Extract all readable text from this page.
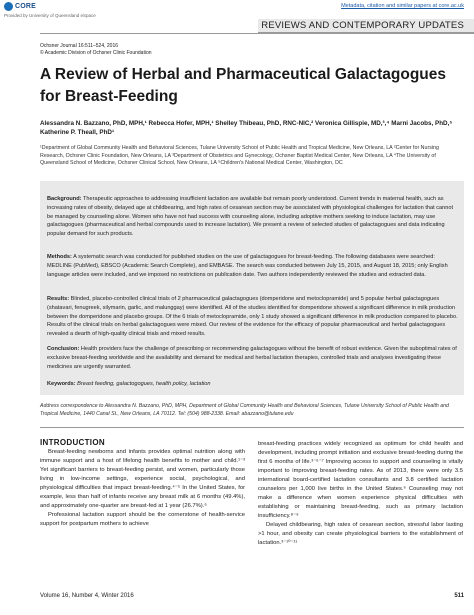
CORE	Metadata, citation and similar papers at core.ac.uk
Provided by University of Queensland eSpace
REVIEWS AND CONTEMPORARY UPDATES
Ochsner Journal 16:511–524, 2016
© Academic Division of Ochsner Clinic Foundation
A Review of Herbal and Pharmaceutical Galactagogues for Breast-Feeding
Alessandra N. Bazzano, PhD, MPH,¹ Rebecca Hofer, MPH,¹ Shelley Thibeau, PhD, RNC-NIC,² Veronica Gillispie, MD,³,⁴ Marni Jacobs, PhD,⁵ Katherine P. Theall, PhD¹
¹Department of Global Community Health and Behavioral Sciences, Tulane University School of Public Health and Tropical Medicine, New Orleans, LA ²Center for Nursing Research, Ochsner Clinic Foundation, New Orleans, LA ³Department of Obstetrics and Gynecology, Ochsner Baptist Medical Center, New Orleans, LA ⁴The University of Queensland School of Medicine, Ochsner Clinical School, New Orleans, LA ⁵Children's National Medical Center, Washington, DC

Background: Therapeutic approaches to addressing insufficient lactation are available but remain poorly understood. Current trends in maternal health, such as increasing rates of obesity, delayed age at childbearing, and high rates of cesarean section may be associated with physiological challenges for lactation that cannot be managed by counseling alone. Women who have not had success with counseling alone, including adoptive mothers seeking to induce lactation, may use galactagogues (pharmaceutical and herbal compounds used to increase lactation). We present a review of selected studies of galactagogues and data indicating popular demand for such products.

Methods: A systematic search was conducted for published studies on the use of galactagogues for breast-feeding. The following databases were searched: MEDLINE (PubMed), EBSCO (Academic Search Complete), and EMBASE. The search was conducted between July 15, 2015, and August 18, 2015; only English language articles were included, and we imposed no restrictions on publication date. Two authors independently reviewed the studies and extracted data.

Results: Blinded, placebo-controlled clinical trials of 2 pharmaceutical galactagogues (domperidone and metoclopramide) and 5 popular herbal galactagogues (shatavari, fenugreek, silymarin, garlic, and malunggay) were identified. All of the studies identified for domperidone showed a significant difference in milk production between the domperidone and placebo groups. Of the 6 trials of metoclopramide, only 1 study showed a significant difference in milk production compared to placebo. Results of the clinical trials on herbal galactagogues were mixed. Our review of the evidence for the efficacy of popular pharmaceutical and herbal galactagogues revealed a dearth of high-quality clinical trials and mixed results.

Conclusion: Health providers face the challenge of prescribing or recommending galactagogues without the benefit of robust evidence. Given the suboptimal rates of exclusive breast-feeding worldwide and the availability and demand for medical and herbal lactation therapies, controlled trials and analyses investigating these medicines are urgently warranted.

Keywords: Breast feeding, galactogogues, health policy, lactation

Address correspondence to Alessandra N. Bazzano, PhD, MPH, Department of Global Community Health and Behavioral Sciences, Tulane University School of Public Health and Tropical Medicine, 1440 Canal St., New Orleans, LA 70112. Tel: (504) 988-2338. Email: abazzano@tulane.edu
INTRODUCTION

Breast-feeding newborns and infants provides optimal nutrition along with immune support and a host of lifelong health benefits to mother and child.¹⁻³ Yet significant barriers to breast-feeding persist, and women, particularly those living in low-income settings, experience social, psychological, and physiological difficulties that impact breast-feeding.⁴⁻⁵ In the United States, for example, less than half of infants receive any breast milk at 6 months (49.4%), and approximately one-quarter are breast-fed at 1 year (26.7%).⁶

Professional lactation support should be the cornerstone of health-service support for postpartum mothers to achieve

breast-feeding practices widely recognized as optimum for child health and development, including prompt initiation and exclusive breast-feeding during the first 6 months of life.³⁻⁶⁻⁷ Improving access to support and counseling is vitally important to improving breast-feeding rates. As of 2013, there were only 3.5 international board-certified lactation consultants and 3.8 certified lactation counselors per 1,000 live births in the United States.⁶ Counseling may not make a difference when women experience physical difficulties with establishing or maintaining breast-feeding, such as primary lactation insufficiency.⁸⁻⁹

Delayed childbearing, high rates of cesarean section, stressful labor lasting >1 hour, and obesity can create physiological barriers to the establishment of lactation.³⁻¹⁰⁻¹¹

Volume 16, Number 4, Winter 2016	511
